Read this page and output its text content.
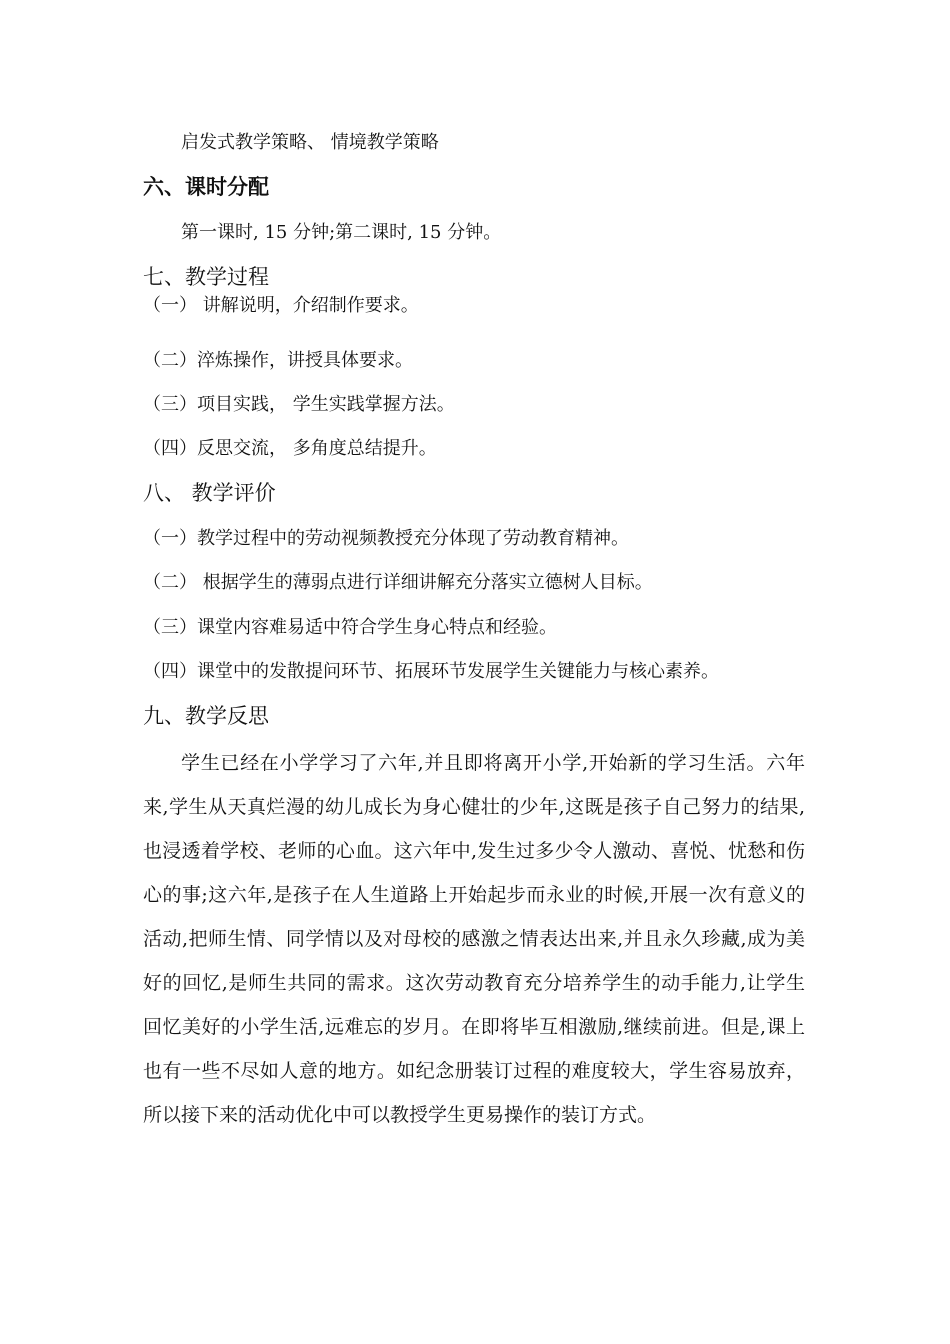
启发式教学策略、 情境教学策略
六、课时分配
第一课时, 15 分钟;第二课时, 15 分钟。
七、教学过程
（一） 讲解说明，介绍制作要求。
（二）淬炼操作，讲授具体要求。
（三）项目实践， 学生实践掌握方法。
（四）反思交流， 多角度总结提升。
八、 教学评价
（一）教学过程中的劳动视频教授充分体现了劳动教育精神。
（二） 根据学生的薄弱点进行详细讲解充分落实立德树人目标。
（三）课堂内容难易适中符合学生身心特点和经验。
（四）课堂中的发散提问环节、拓展环节发展学生关键能力与核心素养。
九、教学反思
学生已经在小学学习了六年,并且即将离开小学,开始新的学习生活。六年
来,学生从天真烂漫的幼儿成长为身心健壮的少年,这既是孩子自己努力的结果,
也浸透着学校、老师的心血。这六年中,发生过多少令人激动、喜悦、忧愁和伤
心的事;这六年,是孩子在人生道路上开始起步而永业的时候,开展一次有意义的
活动,把师生情、同学情以及对母校的感激之情表达出来,并且永久珍藏,成为美
好的回忆,是师生共同的需求。这次劳动教育充分培养学生的动手能力,让学生
回忆美好的小学生活,远难忘的岁月。在即将毕互相激励,继续前进。但是,课上
也有一些不尽如人意的地方。如纪念册装订过程的难度较大，学生容易放弃，
所以接下来的活动优化中可以教授学生更易操作的装订方式。
